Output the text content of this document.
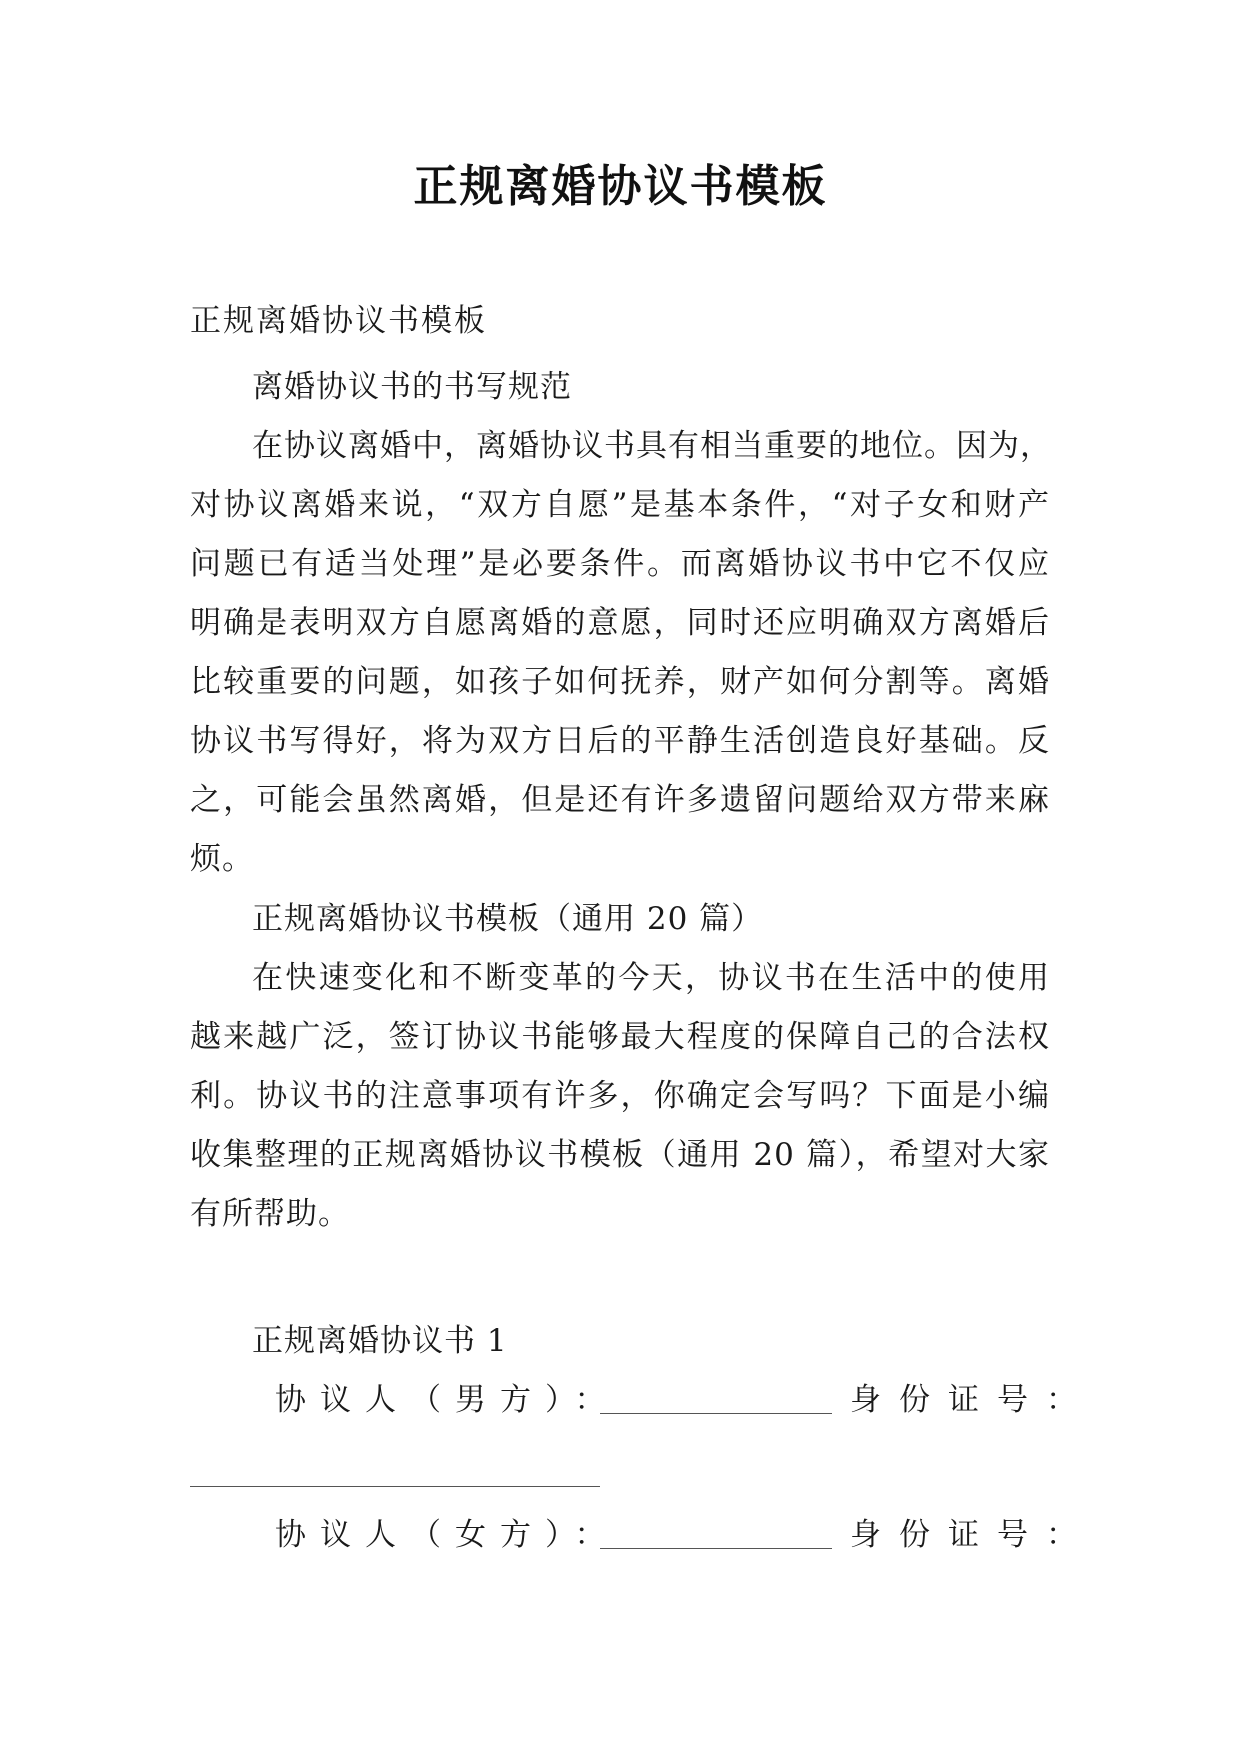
正规离婚协议书模板
正规离婚协议书模板
离婚协议书的书写规范
在协议离婚中，离婚协议书具有相当重要的地位。因为，
对协议离婚来说，“双方自愿”是基本条件，“对子女和财产
问题已有适当处理”是必要条件。而离婚协议书中它不仅应
明确是表明双方自愿离婚的意愿，同时还应明确双方离婚后
比较重要的问题，如孩子如何抚养，财产如何分割等。离婚
协议书写得好，将为双方日后的平静生活创造良好基础。反
之，可能会虽然离婚，但是还有许多遗留问题给双方带来麻
烦。
正规离婚协议书模板（通用 20 篇）
在快速变化和不断变革的今天，协议书在生活中的使用
越来越广泛，签订协议书能够最大程度的保障自己的合法权
利。协议书的注意事项有许多，你确定会写吗？下面是小编
收集整理的正规离婚协议书模板（通用 20 篇），希望对大家
有所帮助。
正规离婚协议书 1
协议人（男方）：	身份证号：
协议人（女方）：	身份证号：
